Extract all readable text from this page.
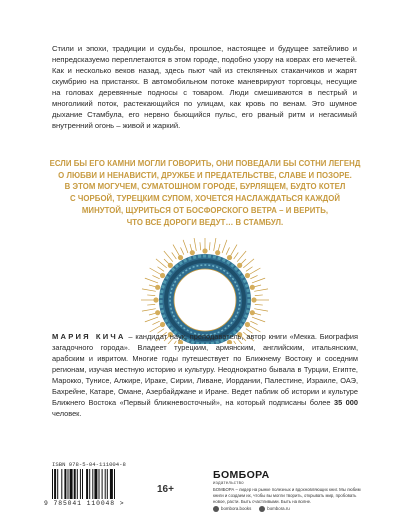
Стили и эпохи, традиции и судьбы, прошлое, настоящее и будущее затейливо и непредсказуемо переплетаются в этом городе, подобно узору на коврах его мечетей. Как и несколько веков назад, здесь пьют чай из стеклянных стаканчиков и жарят скумбрию на пристанях. В автомобильном потоке маневрируют торговцы, несущие на головах деревянные подносы с товаром. Люди смешиваются в пестрый и многоликий поток, растекающийся по улицам, как кровь по венам. Это шумное дыхание Стамбула, его нервно бьющийся пульс, его рваный ритм и негасимый внутренний огонь – живой и жаркий.

ЕСЛИ БЫ ЕГО КАМНИ МОГЛИ ГОВОРИТЬ, ОНИ ПОВЕДАЛИ БЫ СОТНИ ЛЕГЕНД
О ЛЮБВИ И НЕНАВИСТИ, ДРУЖБЕ И ПРЕДАТЕЛЬСТВЕ, СЛАВЕ И ПОЗОРЕ.
В ЭТОМ МОГУЧЕМ, СУМАТОШНОМ ГОРОДЕ, БУРЛЯЩЕМ, БУДТО КОТЕЛ
С ЧОРБОЙ, ТУРЕЦКИМ СУПОМ, ХОЧЕТСЯ НАСЛАЖДАТЬСЯ КАЖДОЙ
МИНУТОЙ, ЩУРИТЬСЯ ОТ БОСФОРСКОГО ВЕТРА – И ВЕРИТЬ,
ЧТО ВСЕ ДОРОГИ ВЕДУТ… В СТАМБУЛ.

МАРИЯ КИЧА – кандидат наук, преподаватель, автор книги «Мекка. Биография загадочного города». Владеет турецким, армянским, английским, итальянским, арабским и ивритом. Многие годы путешествует по Ближнему Востоку и соседним регионам, изучая местную историю и культуру. Неоднократно бывала в Турции, Египте, Марокко, Тунисе, Алжире, Ираке, Сирии, Ливане, Иордании, Палестине, Израиле, ОАЭ, Бахрейне, Катаре, Омане, Азербайджане и Иране. Ведет паблик об истории и культуре Ближнего Востока «Первый ближневосточный», на который подписаны более 35 000 человек.

ISBN 978-5-04-111004-8
9 785041 110048 >
16+
БОМБОРА
издательство

БОМБОРА – лидер на рынке полезных и вдохновляющих книг. Мы любим книги и создаем их, чтобы вы могли творить, открывать мир, пробовать новое, расти. Быть счастливыми. Быть на волне.

bombora.books	bombora.ru
